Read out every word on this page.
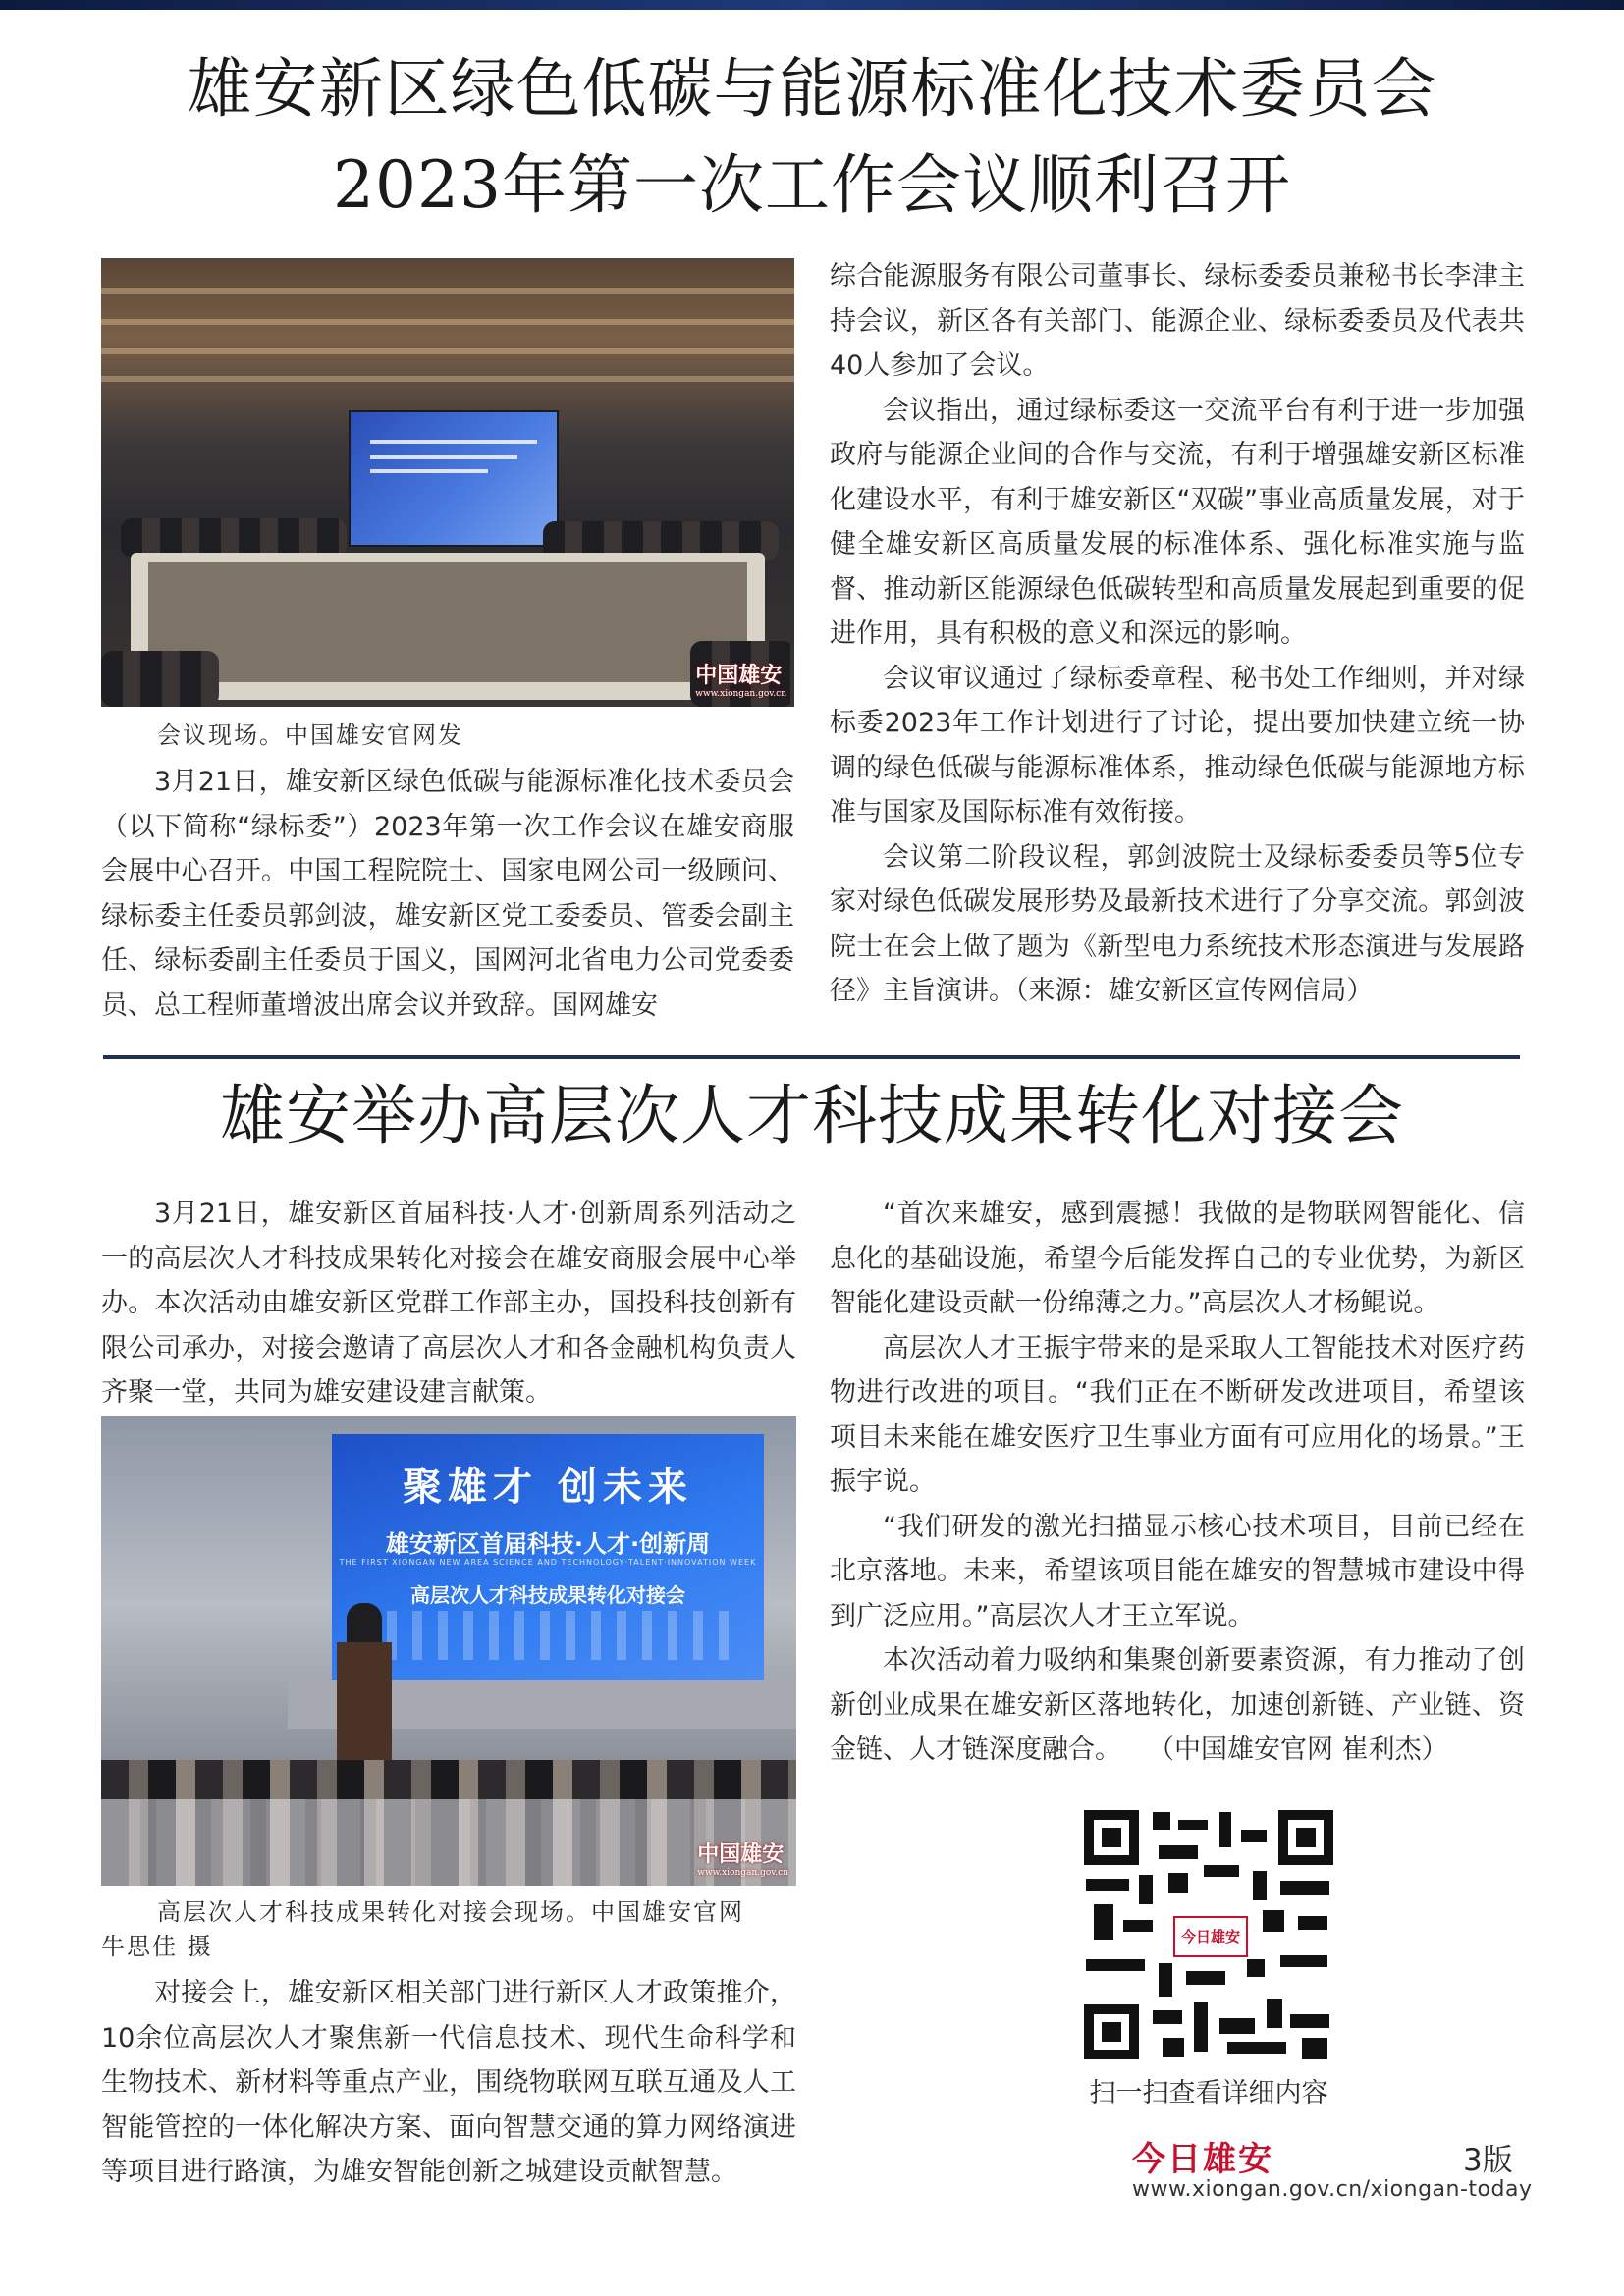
雄安新区绿色低碳与能源标准化技术委员会
2023年第一次工作会议顺利召开
中国雄安
www.xiongan.gov.cn
会议现场。中国雄安官网发

3月21日，雄安新区绿色低碳与能源标准化技术委员会（以下简称“绿标委”）2023年第一次工作会议在雄安商服会展中心召开。中国工程院院士、国家电网公司一级顾问、绿标委主任委员郭剑波，雄安新区党工委委员、管委会副主任、绿标委副主任委员于国义，国网河北省电力公司党委委员、总工程师董增波出席会议并致辞。国网雄安

综合能源服务有限公司董事长、绿标委委员兼秘书长李津主持会议，新区各有关部门、能源企业、绿标委委员及代表共40人参加了会议。

会议指出，通过绿标委这一交流平台有利于进一步加强政府与能源企业间的合作与交流，有利于增强雄安新区标准化建设水平，有利于雄安新区“双碳”事业高质量发展，对于健全雄安新区高质量发展的标准体系、强化标准实施与监督、推动新区能源绿色低碳转型和高质量发展起到重要的促进作用，具有积极的意义和深远的影响。

会议审议通过了绿标委章程、秘书处工作细则，并对绿标委2023年工作计划进行了讨论，提出要加快建立统一协调的绿色低碳与能源标准体系，推动绿色低碳与能源地方标准与国家及国际标准有效衔接。

会议第二阶段议程，郭剑波院士及绿标委委员等5位专家对绿色低碳发展形势及最新技术进行了分享交流。郭剑波院士在会上做了题为《新型电力系统技术形态演进与发展路径》主旨演讲。（来源：雄安新区宣传网信局）

雄安举办高层次人才科技成果转化对接会

3月21日，雄安新区首届科技·人才·创新周系列活动之一的高层次人才科技成果转化对接会在雄安商服会展中心举办。本次活动由雄安新区党群工作部主办，国投科技创新有限公司承办，对接会邀请了高层次人才和各金融机构负责人齐聚一堂，共同为雄安建设建言献策。

聚雄才 创未来
雄安新区首届科技·人才·创新周
THE FIRST XIONGAN NEW AREA SCIENCE AND TECHNOLOGY·TALENT·INNOVATION WEEK
高层次人才科技成果转化对接会
中国雄安
www.xiongan.gov.cn
高层次人才科技成果转化对接会现场。中国雄安官网
牛思佳 摄

对接会上，雄安新区相关部门进行新区人才政策推介，10余位高层次人才聚焦新一代信息技术、现代生命科学和生物技术、新材料等重点产业，围绕物联网互联互通及人工智能管控的一体化解决方案、面向智慧交通的算力网络演进等项目进行路演，为雄安智能创新之城建设贡献智慧。

“首次来雄安，感到震撼！我做的是物联网智能化、信息化的基础设施，希望今后能发挥自己的专业优势，为新区智能化建设贡献一份绵薄之力。”高层次人才杨鲲说。

高层次人才王振宇带来的是采取人工智能技术对医疗药物进行改进的项目。“我们正在不断研发改进项目，希望该项目未来能在雄安医疗卫生事业方面有可应用化的场景。”王振宇说。

“我们研发的激光扫描显示核心技术项目，目前已经在北京落地。未来，希望该项目能在雄安的智慧城市建设中得到广泛应用。”高层次人才王立军说。

本次活动着力吸纳和集聚创新要素资源，有力推动了创新创业成果在雄安新区落地转化，加速创新链、产业链、资金链、人才链深度融合。　　（中国雄安官网 崔利杰）

今日雄安
扫一扫查看详细内容
今日雄安	3版
www.xiongan.gov.cn/xiongan-today
